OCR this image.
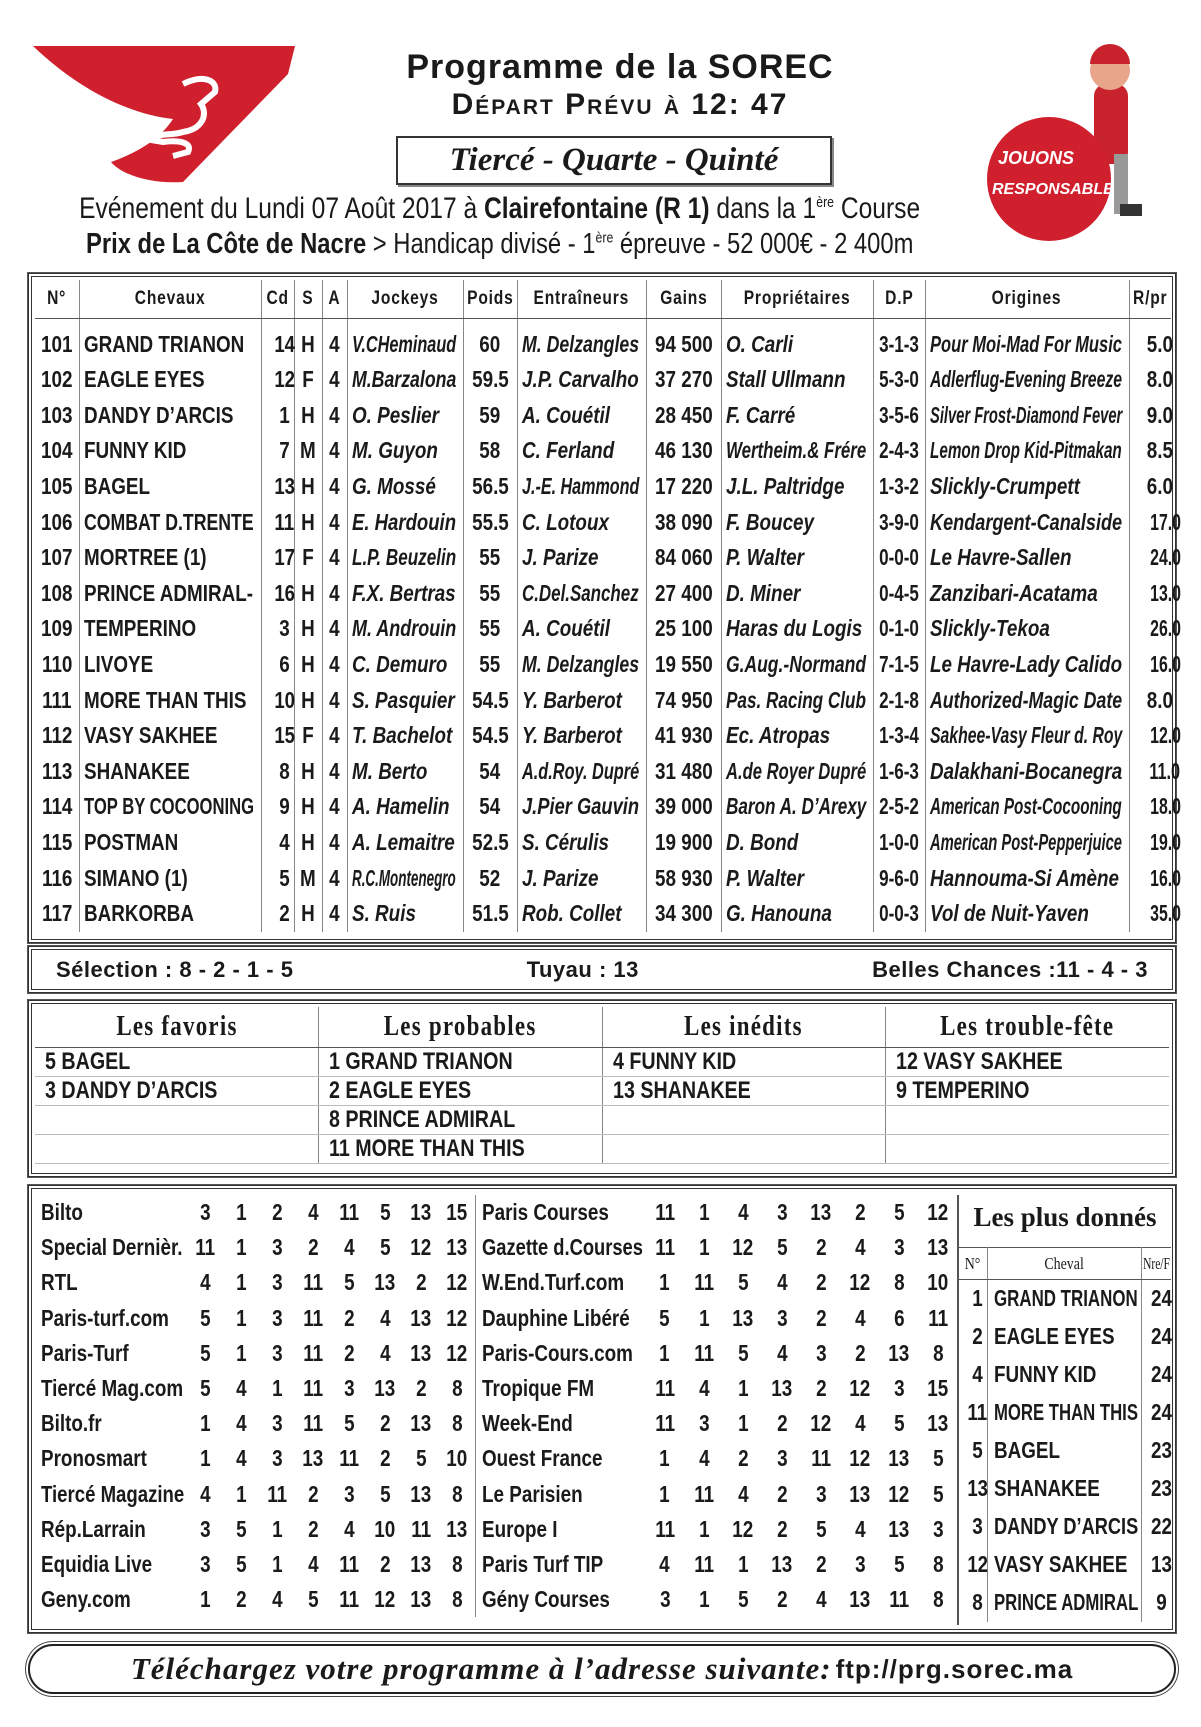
Programme de la SOREC
Départ Prévu à 12: 47
Tiercé - Quarte - Quinté
Evénement du Lundi 07 Août 2017 à Clairefontaine (R 1) dans la 1ère Course
Prix de La Côte de Nacre > Handicap divisé - 1ère épreuve - 52 000€ - 2 400m
JOUONS
RESPONSABLE
N°	Chevaux	Cd	S	A	Jockeys	Poids	Entraîneurs	Gains	Propriétaires	D.P	Origines	R/pr
101	GRAND TRIANON	14	H	4	V.CHeminaud	60	M. Delzangles	94 500	O. Carli	3-1-3	Pour Moi-Mad For Music	5.0
102	EAGLE EYES	12	F	4	M.Barzalona	59.5	J.P. Carvalho	37 270	Stall Ullmann	5-3-0	Adlerflug-Evening Breeze	8.0
103	DANDY D’ARCIS	1	H	4	O. Peslier	59	A. Couétil	28 450	F. Carré	3-5-6	Silver Frost-Diamond Fever	9.0
104	FUNNY KID	7	M	4	M. Guyon	58	C. Ferland	46 130	Wertheim.& Frére	2-4-3	Lemon Drop Kid-Pitmakan	8.5
105	BAGEL	13	H	4	G. Mossé	56.5	J.-E. Hammond	17 220	J.L. Paltridge	1-3-2	Slickly-Crumpett	6.0
106	COMBAT D.TRENTE	11	H	4	E. Hardouin	55.5	C. Lotoux	38 090	F. Boucey	3-9-0	Kendargent-Canalside	17.0
107	MORTREE (1)	17	F	4	L.P. Beuzelin	55	J. Parize	84 060	P. Walter	0-0-0	Le Havre-Sallen	24.0
108	PRINCE ADMIRAL-	16	H	4	F.X. Bertras	55	C.Del.Sanchez	27 400	D. Miner	0-4-5	Zanzibari-Acatama	13.0
109	TEMPERINO	3	H	4	M. Androuin	55	A. Couétil	25 100	Haras du Logis	0-1-0	Slickly-Tekoa	26.0
110	LIVOYE	6	H	4	C. Demuro	55	M. Delzangles	19 550	G.Aug.-Normand	7-1-5	Le Havre-Lady Calido	16.0
111	MORE THAN THIS	10	H	4	S. Pasquier	54.5	Y. Barberot	74 950	Pas. Racing Club	2-1-8	Authorized-Magic Date	8.0
112	VASY SAKHEE	15	F	4	T. Bachelot	54.5	Y. Barberot	41 930	Ec. Atropas	1-3-4	Sakhee-Vasy Fleur d. Roy	12.0
113	SHANAKEE	8	H	4	M. Berto	54	A.d.Roy. Dupré	31 480	A.de Royer Dupré	1-6-3	Dalakhani-Bocanegra	11.0
114	TOP BY COCOONING	9	H	4	A. Hamelin	54	J.Pier Gauvin	39 000	Baron A. D’Arexy	2-5-2	American Post-Cocooning	18.0
115	POSTMAN	4	H	4	A. Lemaitre	52.5	S. Cérulis	19 900	D. Bond	1-0-0	American Post-Pepperjuice	19.0
116	SIMANO (1)	5	M	4	R.C.Montenegro	52	J. Parize	58 930	P. Walter	9-6-0	Hannouma-Si Amène	16.0
117	BARKORBA	2	H	4	S. Ruis	51.5	Rob. Collet	34 300	G. Hanouna	0-0-3	Vol de Nuit-Yaven	35.0
Sélection : 8 - 2 - 1 - 5	Tuyau : 13	Belles Chances :11 - 4 - 3
Les favoris	Les probables	Les inédits	Les trouble-fête
5 BAGEL	1 GRAND TRIANON	4 FUNNY KID	12 VASY SAKHEE
3 DANDY D’ARCIS	2 EAGLE EYES	13 SHANAKEE	9 TEMPERINO
	8 PRINCE ADMIRAL		
	11 MORE THAN THIS		
Bilto	3	1	2	4	11	5	13	15
Special Dernièr.	11	1	3	2	4	5	12	13
RTL	4	1	3	11	5	13	2	12
Paris-turf.com	5	1	3	11	2	4	13	12
Paris-Turf	5	1	3	11	2	4	13	12
Tiercé Mag.com	5	4	1	11	3	13	2	8
Bilto.fr	1	4	3	11	5	2	13	8
Pronosmart	1	4	3	13	11	2	5	10
Tiercé Magazine	4	1	11	2	3	5	13	8
Rép.Larrain	3	5	1	2	4	10	11	13
Equidia Live	3	5	1	4	11	2	13	8
Geny.com	1	2	4	5	11	12	13	8
Paris Courses	11	1	4	3	13	2	5	12
Gazette d.Courses	11	1	12	5	2	4	3	13
W.End.Turf.com	1	11	5	4	2	12	8	10
Dauphine Libéré	5	1	13	3	2	4	6	11
Paris-Cours.com	1	11	5	4	3	2	13	8
Tropique FM	11	4	1	13	2	12	3	15
Week-End	11	3	1	2	12	4	5	13
Ouest France	1	4	2	3	11	12	13	5
Le Parisien	1	11	4	2	3	13	12	5
Europe I	11	1	12	2	5	4	13	3
Paris Turf TIP	4	11	1	13	2	3	5	8
Gény Courses	3	1	5	2	4	13	11	8
Les plus donnés
N°	Cheval	Nre/F
1	GRAND TRIANON	24
2	EAGLE EYES	24
4	FUNNY KID	24
11	MORE THAN THIS	24
5	BAGEL	23
13	SHANAKEE	23
3	DANDY D’ARCIS	22
12	VASY SAKHEE	13
8	PRINCE ADMIRAL	9
Téléchargez votre programme à l’adresse suivante: ftp://prg.sorec.ma
